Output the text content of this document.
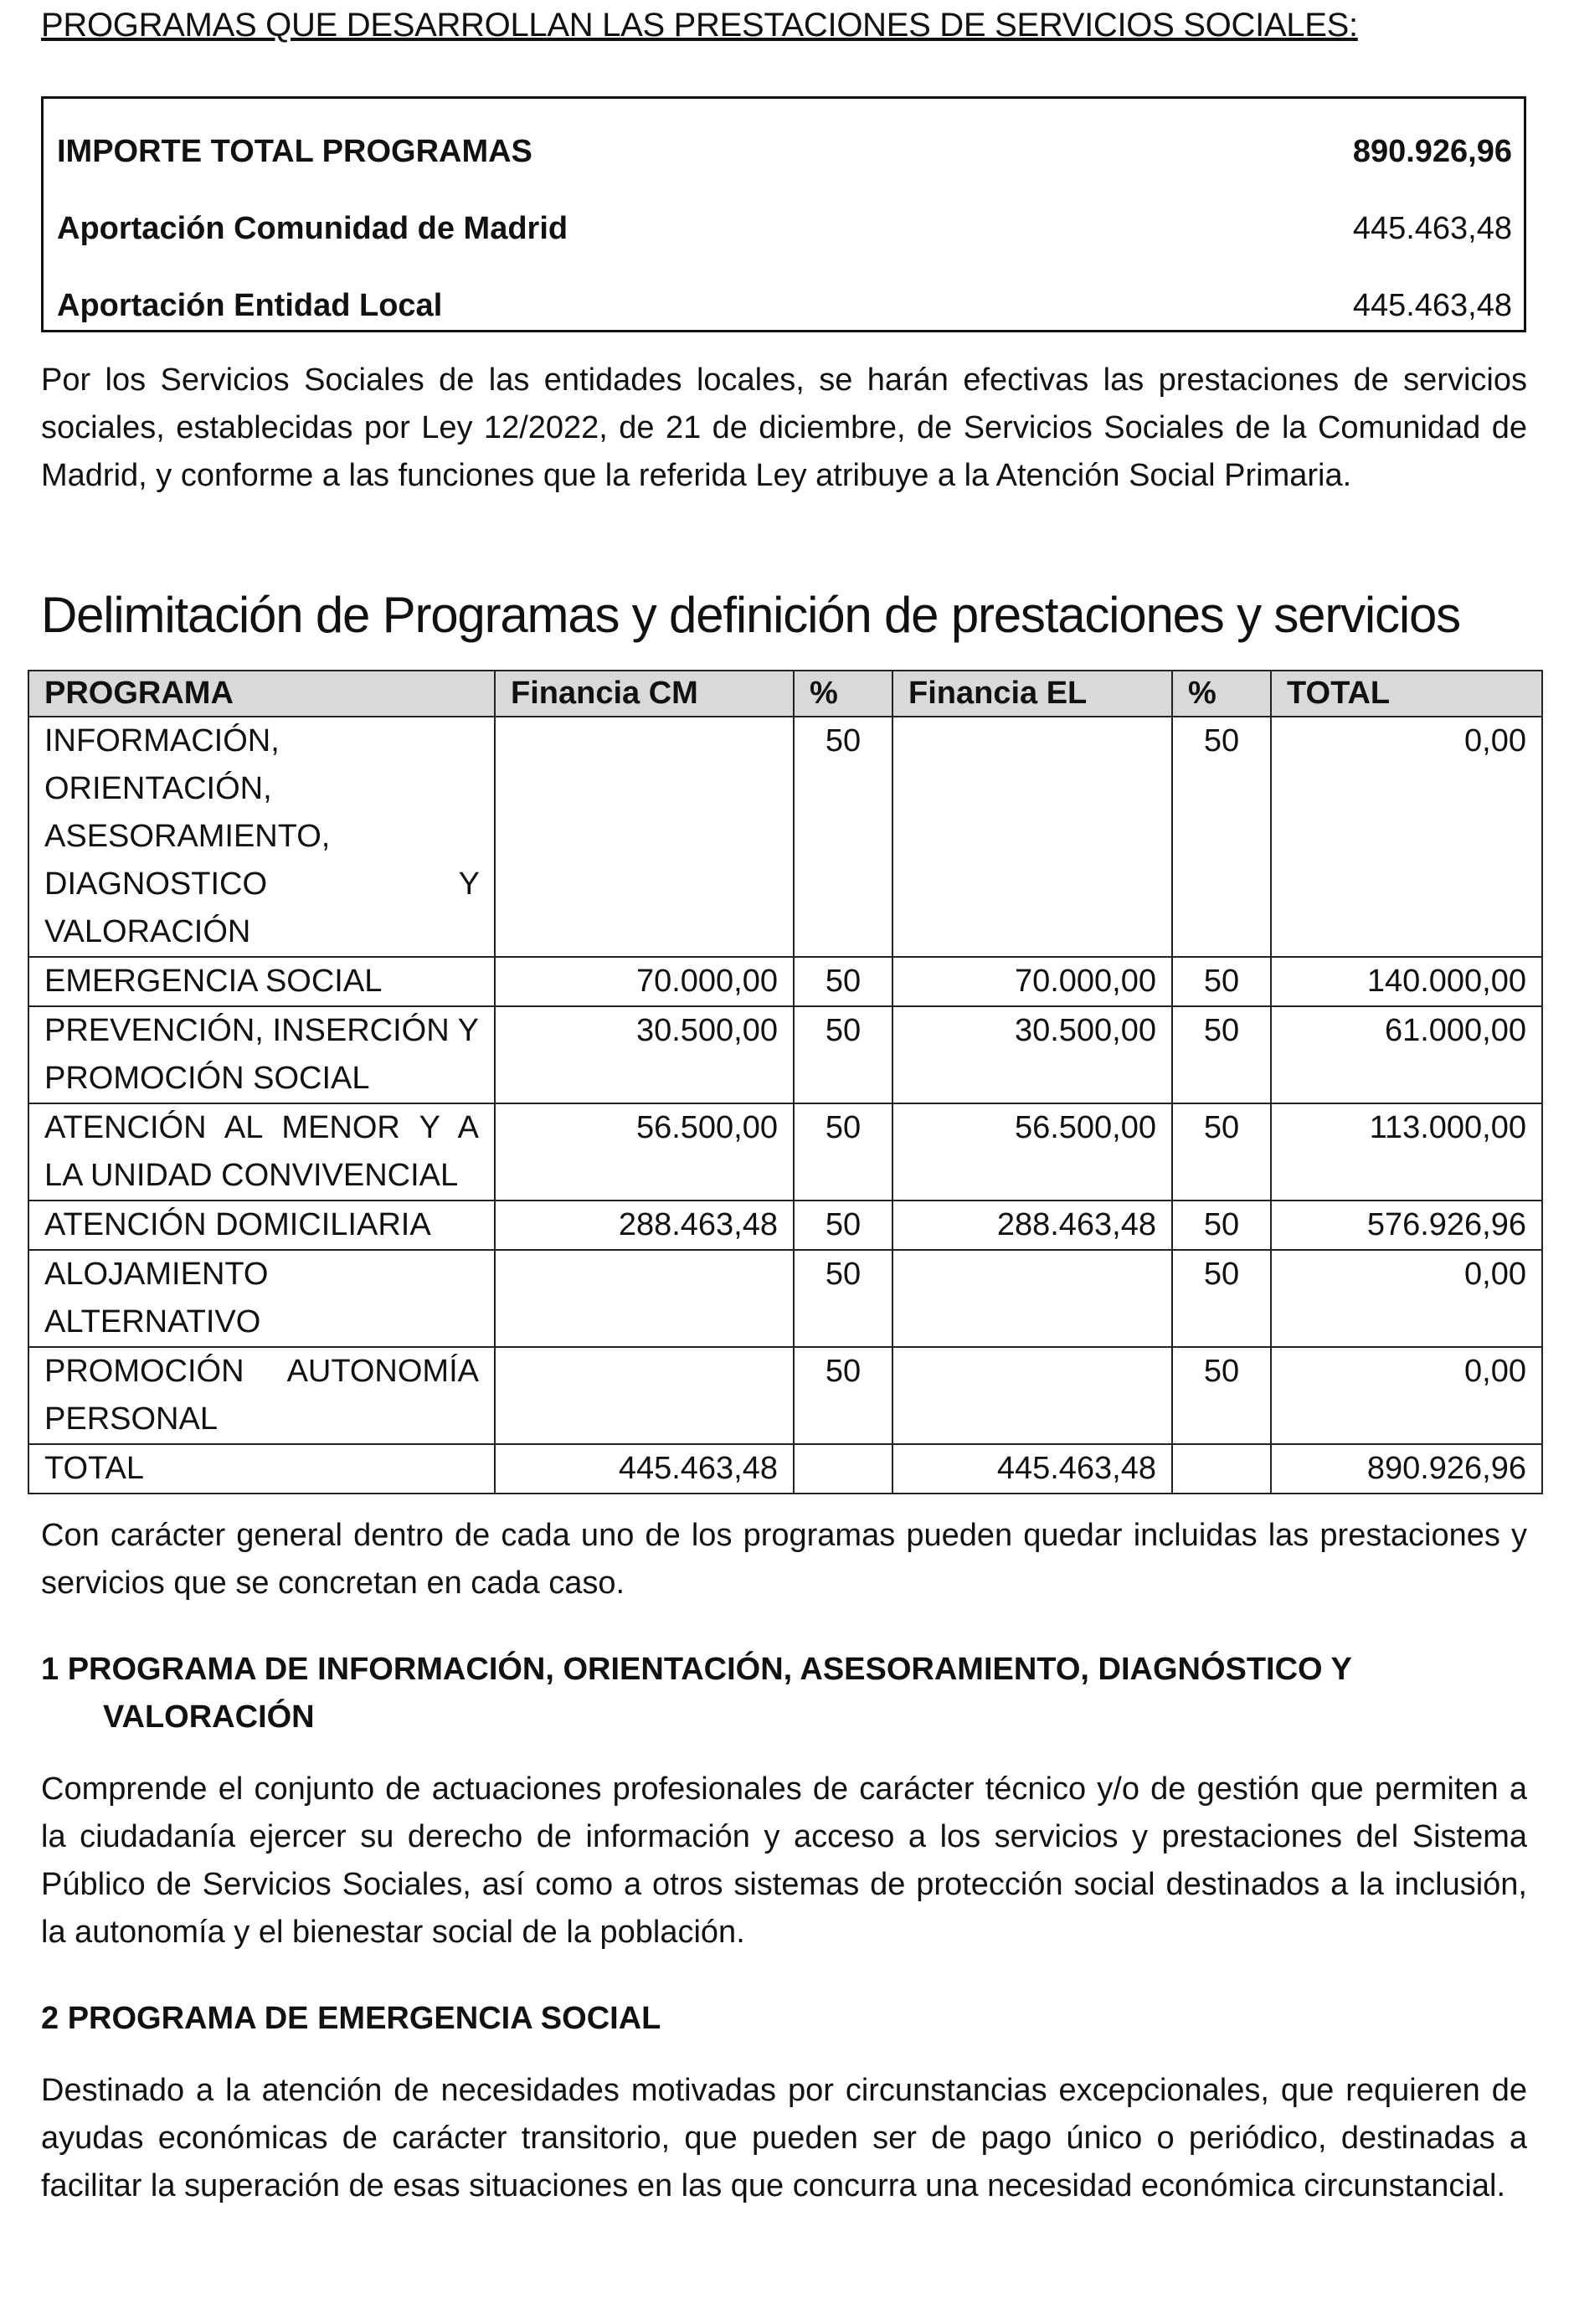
PROGRAMAS QUE DESARROLLAN LAS PRESTACIONES DE SERVICIOS SOCIALES:
IMPORTE TOTAL PROGRAMAS	890.926,96
Aportación Comunidad de Madrid	445.463,48
Aportación Entidad Local	445.463,48

Por los Servicios Sociales de las entidades locales, se harán efectivas las prestaciones de servicios sociales, establecidas por Ley 12/2022, de 21 de diciembre, de Servicios Sociales de la Comunidad de Madrid, y conforme a las funciones que la referida Ley atribuye a la Atención Social Primaria.

Delimitación de Programas y definición de prestaciones y servicios
PROGRAMA	Financia CM	%	Financia EL	%	TOTAL

INFORMACIÓN, ORIENTACIÓN, ASESORAMIENTO, DIAGNOSTICO Y VALORACIÓN		50		50	0,00
EMERGENCIA SOCIAL	70.000,00	50	70.000,00	50	140.000,00
PREVENCIÓN, INSERCIÓN Y PROMOCIÓN SOCIAL	30.500,00	50	30.500,00	50	61.000,00
ATENCIÓN AL MENOR Y A LA UNIDAD CONVIVENCIAL	56.500,00	50	56.500,00	50	113.000,00
ATENCIÓN DOMICILIARIA	288.463,48	50	288.463,48	50	576.926,96
ALOJAMIENTO ALTERNATIVO		50		50	0,00
PROMOCIÓN AUTONOMÍA PERSONAL		50		50	0,00
TOTAL	445.463,48		445.463,48		890.926,96

Con carácter general dentro de cada uno de los programas pueden quedar incluidas las prestaciones y servicios que se concretan en cada caso.

1 PROGRAMA DE INFORMACIÓN, ORIENTACIÓN, ASESORAMIENTO, DIAGNÓSTICO Y
VALORACIÓN

Comprende el conjunto de actuaciones profesionales de carácter técnico y/o de gestión que permiten a la ciudadanía ejercer su derecho de información y acceso a los servicios y prestaciones del Sistema Público de Servicios Sociales, así como a otros sistemas de protección social destinados a la inclusión, la autonomía y el bienestar social de la población.

2 PROGRAMA DE EMERGENCIA SOCIAL

Destinado a la atención de necesidades motivadas por circunstancias excepcionales, que requieren de ayudas económicas de carácter transitorio, que pueden ser de pago único o periódico, destinadas a facilitar la superación de esas situaciones en las que concurra una necesidad económica circunstancial.
